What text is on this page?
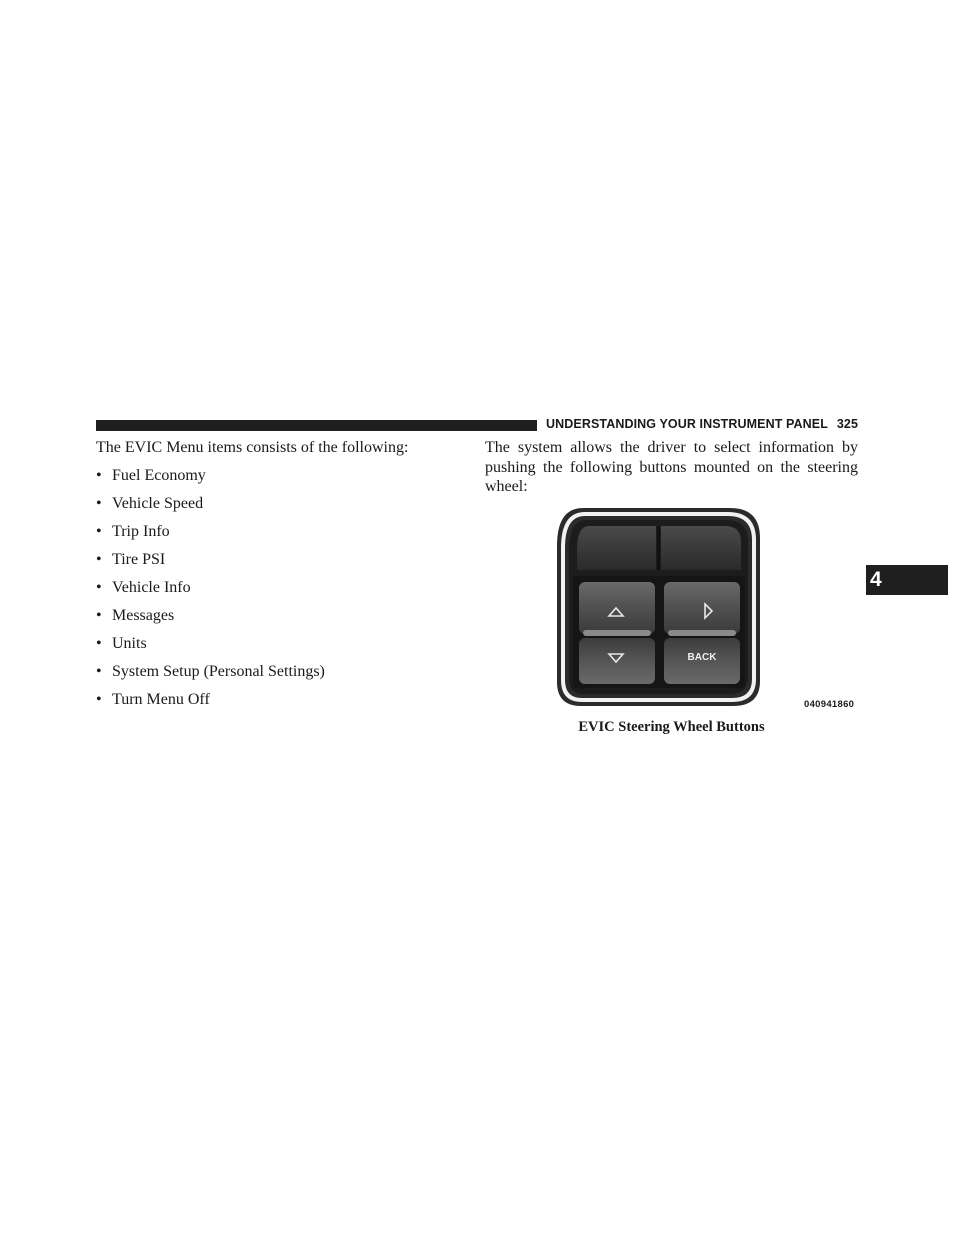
UNDERSTANDING YOUR INSTRUMENT PANEL 325
4

The EVIC Menu items consists of the following:

• Fuel Economy
• Vehicle Speed
• Trip Info
• Tire PSI
• Vehicle Info
• Messages
• Units
• System Setup (Personal Settings)
• Turn Menu Off

The system allows the driver to select information by pushing the following buttons mounted on the steering wheel:

BACK
040941860
EVIC Steering Wheel Buttons
